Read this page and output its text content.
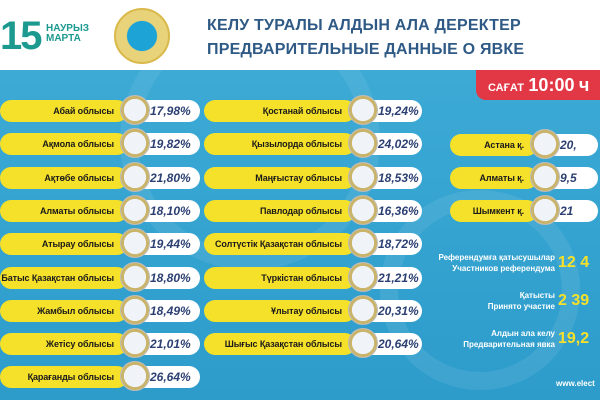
15 НАУРЫЗ
МАРТА
КЕЛУ ТУРАЛЫ АЛДЫН АЛА ДЕРЕКТЕР
ПРЕДВАРИТЕЛЬНЫЕ ДАННЫЕ О ЯВКЕ
САҒАТ 10:00 ч
Абай облысы	17,98%
Ақмола облысы	19,82%
Ақтөбе облысы	21,80%
Алматы облысы	18,10%
Атырау облысы	19,44%
Батыс Қазақстан облысы	18,80%
Жамбыл облысы	18,49%
Жетісу облысы	21,01%
Қарағанды облысы	26,64%
Қостанай облысы	19,24%
Қызылорда облысы	24,02%
Маңғыстау облысы	18,53%
Павлодар облысы	16,36%
Солтүстік Қазақстан облысы	18,72%
Түркістан облысы	21,21%
Ұлытау облысы	20,31%
Шығыс Қазақстан облысы	20,64%
Астана қ.	20,
Алматы қ.	9,5
Шымкент қ.	21
Референдумға қатысушылар
Участников референдума 12 4
Қатысты
Принято участие 2 39
Алдын ала келу
Предварительная явка 19,2
www.elect
